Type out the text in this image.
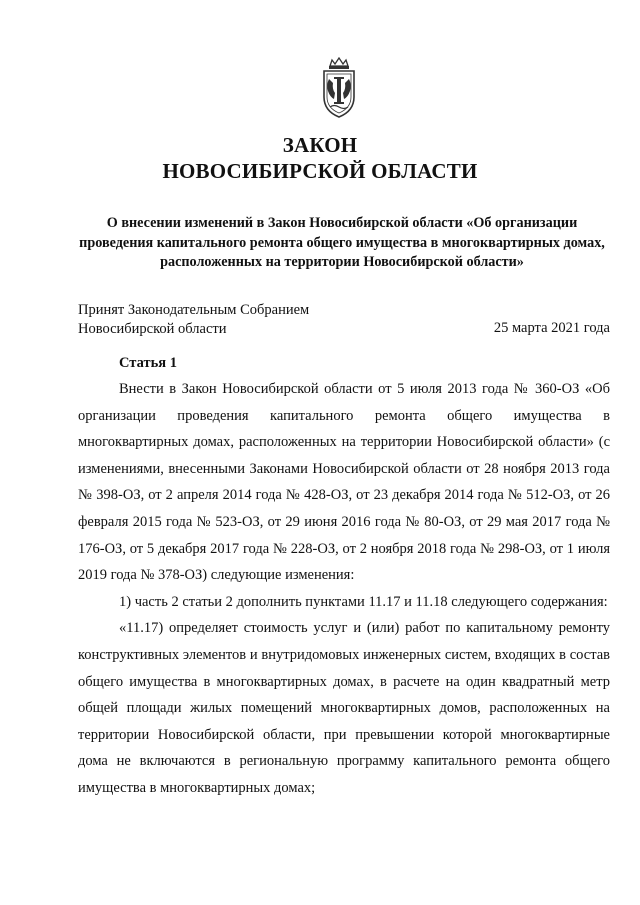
ЗАКОН
НОВОСИБИРСКОЙ ОБЛАСТИ
О внесении изменений в Закон Новосибирской области «Об организации проведения капитального ремонта общего имущества в многоквартирных домах, расположенных на территории Новосибирской области»
Принят Законодательным Собранием
Новосибирской области	25 марта 2021 года
Статья 1

Внести в Закон Новосибирской области от 5 июля 2013 года № 360-ОЗ «Об организации проведения капитального ремонта общего имущества в многоквартирных домах, расположенных на территории Новосибирской области» (с изменениями, внесенными Законами Новосибирской области от 28 ноября 2013 года № 398-ОЗ, от 2 апреля 2014 года № 428-ОЗ, от 23 декабря 2014 года № 512-ОЗ, от 26 февраля 2015 года № 523-ОЗ, от 29 июня 2016 года № 80-ОЗ, от 29 мая 2017 года № 176-ОЗ, от 5 декабря 2017 года № 228-ОЗ, от 2 ноября 2018 года № 298-ОЗ, от 1 июля 2019 года № 378-ОЗ) следующие изменения:

1) часть 2 статьи 2 дополнить пунктами 11.17 и 11.18 следующего содержания:

«11.17) определяет стоимость услуг и (или) работ по капитальному ремонту конструктивных элементов и внутридомовых инженерных систем, входящих в состав общего имущества в многоквартирных домах, в расчете на один квадратный метр общей площади жилых помещений многоквартирных домов, расположенных на территории Новосибирской области, при превышении которой многоквартирные дома не включаются в региональную программу капитального ремонта общего имущества в многоквартирных домах;
